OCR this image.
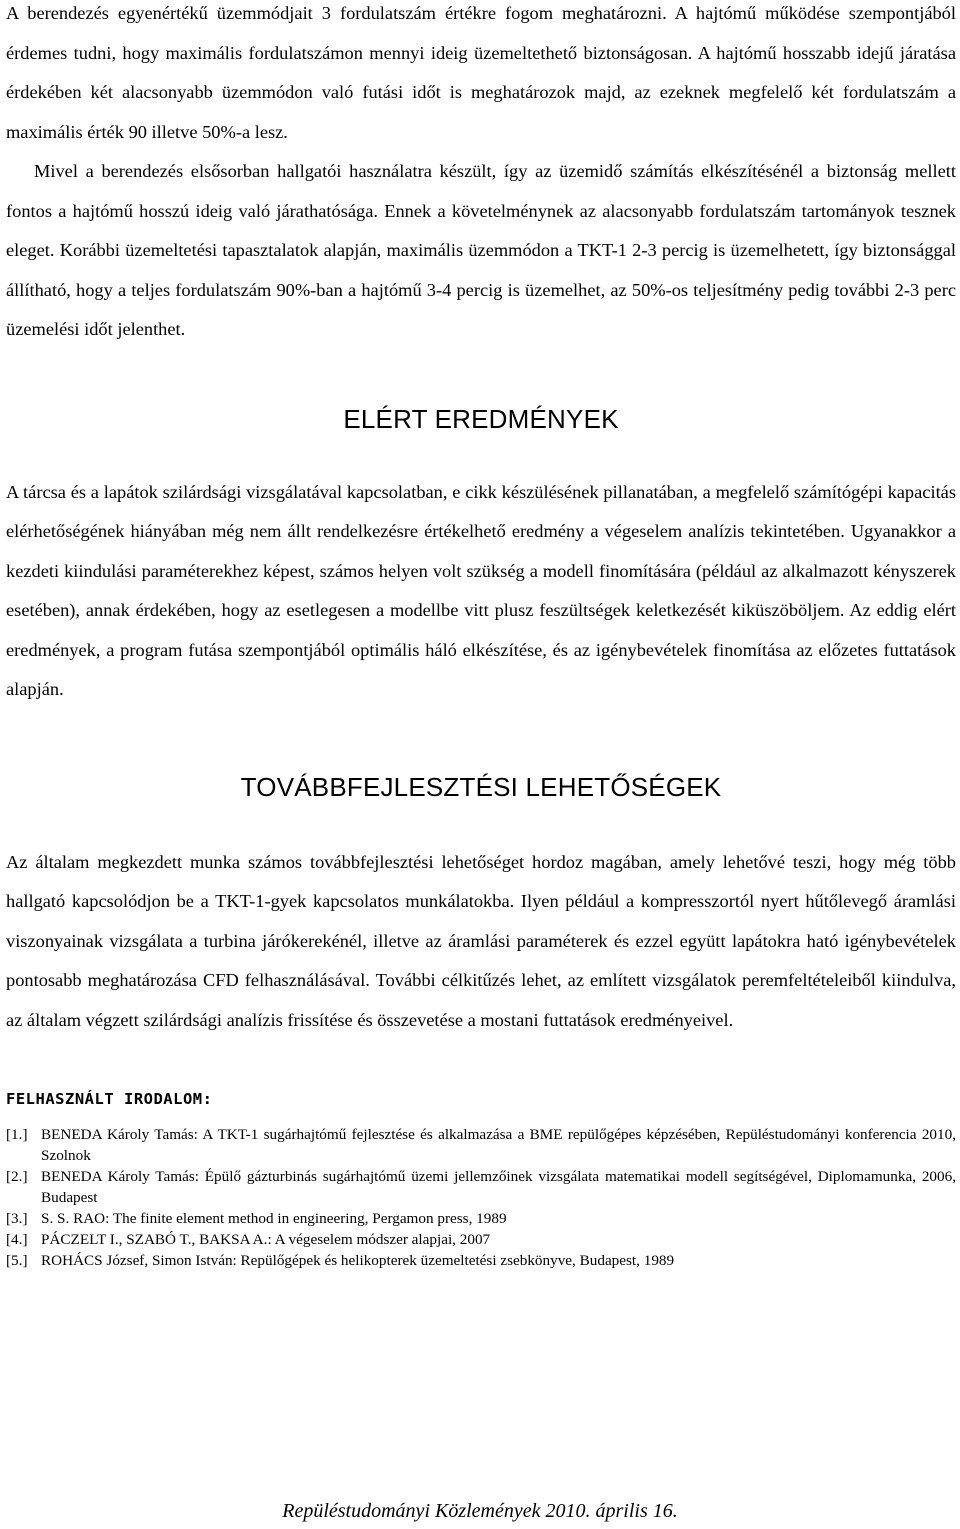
A berendezés egyenértékű üzemmódjait 3 fordulatszám értékre fogom meghatározni. A hajtómű működése szempontjából érdemes tudni, hogy maximális fordulatszámon mennyi ideig üzemeltethető biztonságosan. A hajtómű hosszabb idejű járatása érdekében két alacsonyabb üzemmódon való futási időt is meghatározok majd, az ezeknek megfelelő két fordulatszám a maximális érték 90 illetve 50%-a lesz.

Mivel a berendezés elsősorban hallgatói használatra készült, így az üzemidő számítás elkészítésénél a biztonság mellett fontos a hajtómű hosszú ideig való járathatósága. Ennek a követelménynek az alacsonyabb fordulatszám tartományok tesznek eleget. Korábbi üzemeltetési tapasztalatok alapján, maximális üzemmódon a TKT-1 2-3 percig is üzemelhetett, így biztonsággal állítható, hogy a teljes fordulatszám 90%-ban a hajtómű 3-4 percig is üzemelhet, az 50%-os teljesítmény pedig további 2-3 perc üzemelési időt jelenthet.

ELÉRT EREDMÉNYEK

A tárcsa és a lapátok szilárdsági vizsgálatával kapcsolatban, e cikk készülésének pillanatában, a megfelelő számítógépi kapacitás elérhetőségének hiányában még nem állt rendelkezésre értékelhető eredmény a végeselem analízis tekintetében. Ugyanakkor a kezdeti kiindulási paraméterekhez képest, számos helyen volt szükség a modell finomítására (például az alkalmazott kényszerek esetében), annak érdekében, hogy az esetlegesen a modellbe vitt plusz feszültségek keletkezését kiküszöböljem. Az eddig elért eredmények, a program futása szempontjából optimális háló elkészítése, és az igénybevételek finomítása az előzetes futtatások alapján.

TOVÁBBFEJLESZTÉSI LEHETŐSÉGEK

Az általam megkezdett munka számos továbbfejlesztési lehetőséget hordoz magában, amely lehetővé teszi, hogy még több hallgató kapcsolódjon be a TKT-1-gyek kapcsolatos munkálatokba. Ilyen például a kompresszortól nyert hűtőlevegő áramlási viszonyainak vizsgálata a turbina járókerekénél, illetve az áramlási paraméterek és ezzel együtt lapátokra ható igénybevételek pontosabb meghatározása CFD felhasználásával. További célkitűzés lehet, az említett vizsgálatok peremfeltételeiből kiindulva, az általam végzett szilárdsági analízis frissítése és összevetése a mostani futtatások eredményeivel.

FELHASZNÁLT IRODALOM:
[1.] BENEDA Károly Tamás: A TKT-1 sugárhajtómű fejlesztése és alkalmazása a BME repülőgépes képzésében, Repüléstudományi konferencia 2010, Szolnok
[2.] BENEDA Károly Tamás: Épülő gázturbinás sugárhajtómű üzemi jellemzőinek vizsgálata matematikai modell segítségével, Diplomamunka, 2006, Budapest
[3.] S. S. RAO: The finite element method in engineering, Pergamon press, 1989
[4.] PÁCZELT I., SZABÓ T., BAKSA A.: A végeselem módszer alapjai, 2007
[5.] ROHÁCS József, Simon István: Repülőgépek és helikopterek üzemeltetési zsebkönyve, Budapest, 1989
Repüléstudományi Közlemények 2010. április 16.
